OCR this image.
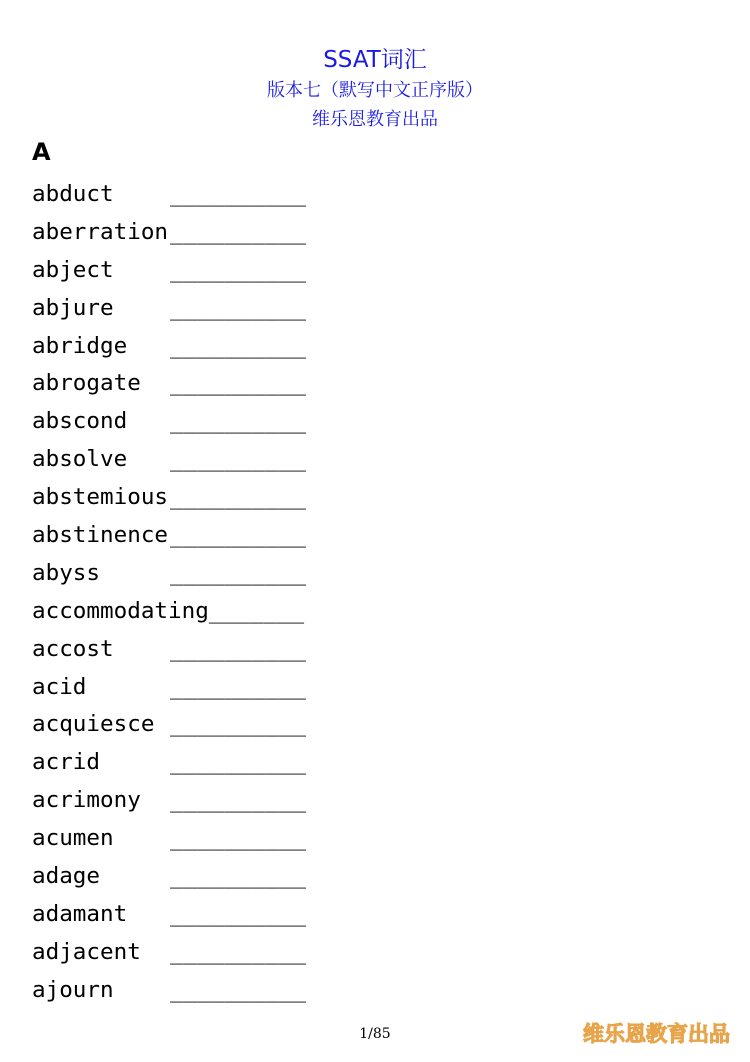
SSAT词汇
版本七（默写中文正序版）
维乐恩教育出品
A
abduct __________
aberration__________
abject __________
abjure __________
abridge __________
abrogate __________
abscond __________
absolve __________
abstemious__________
abstinence__________
abyss	__________
accommodating_______
accost __________
acid	__________
acquiesce __________
acrid	__________
acrimony __________
acumen __________
adage	__________
adamant __________
adjacent __________
ajourn __________
1/85	维乐恩教育出品
